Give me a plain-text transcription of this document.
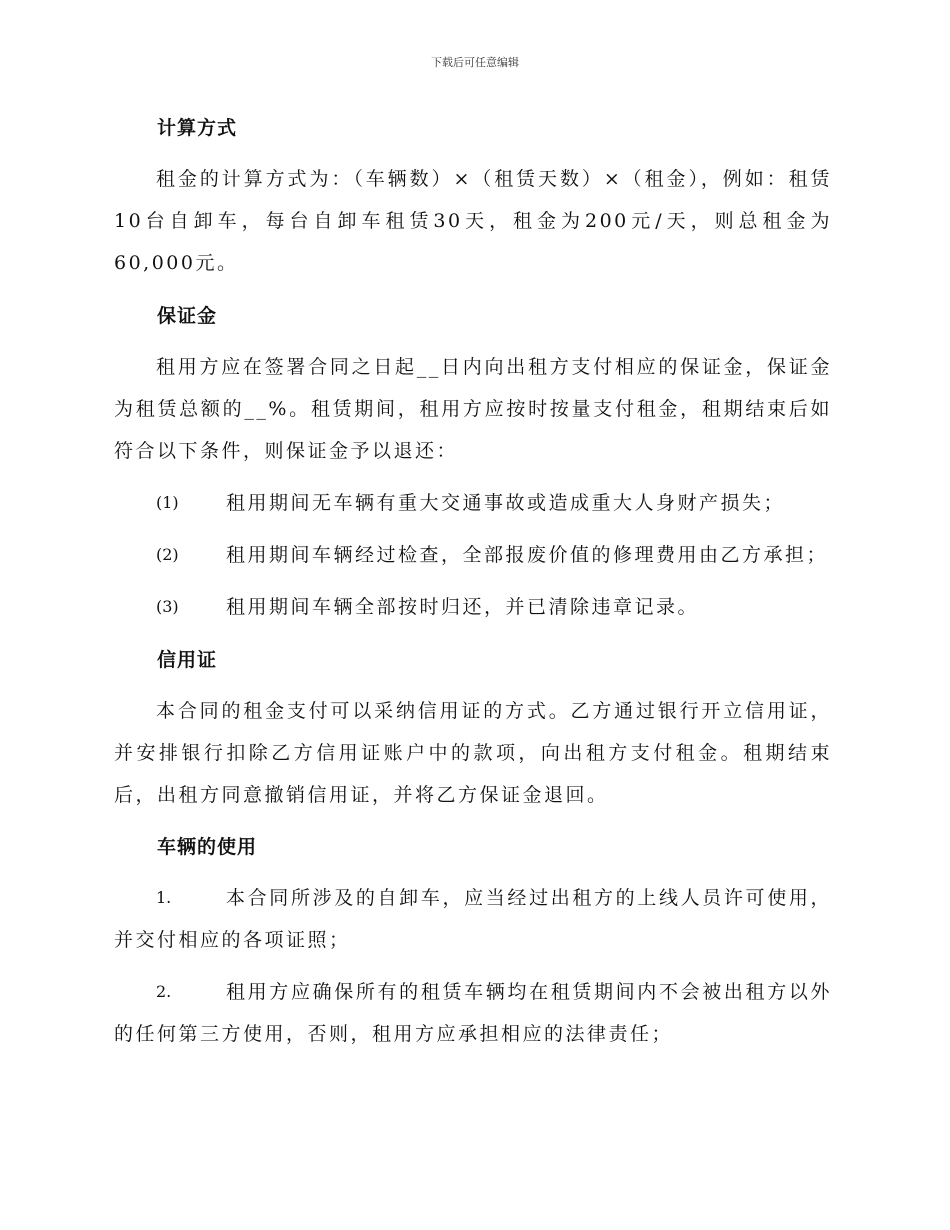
下载后可任意编辑
计算方式

租金的计算方式为：（车辆数）×（租赁天数）×（租金），例如：租赁10台自卸车，每台自卸车租赁30天，租金为200元/天，则总租金为60,000元。

保证金

租用方应在签署合同之日起__日内向出租方支付相应的保证金，保证金为租赁总额的__%。租赁期间，租用方应按时按量支付租金，租期结束后如符合以下条件，则保证金予以退还：

(1)	租用期间无车辆有重大交通事故或造成重大人身财产损失；
(2)	租用期间车辆经过检查，全部报废价值的修理费用由乙方承担；
(3)	租用期间车辆全部按时归还，并已清除违章记录。
信用证

本合同的租金支付可以采纳信用证的方式。乙方通过银行开立信用证，并安排银行扣除乙方信用证账户中的款项，向出租方支付租金。租期结束后，出租方同意撤销信用证，并将乙方保证金退回。

车辆的使用
1.	本合同所涉及的自卸车，应当经过出租方的上线人员许可使用，并交付相应的各项证照；
2.	租用方应确保所有的租赁车辆均在租赁期间内不会被出租方以外的任何第三方使用，否则，租用方应承担相应的法律责任；
